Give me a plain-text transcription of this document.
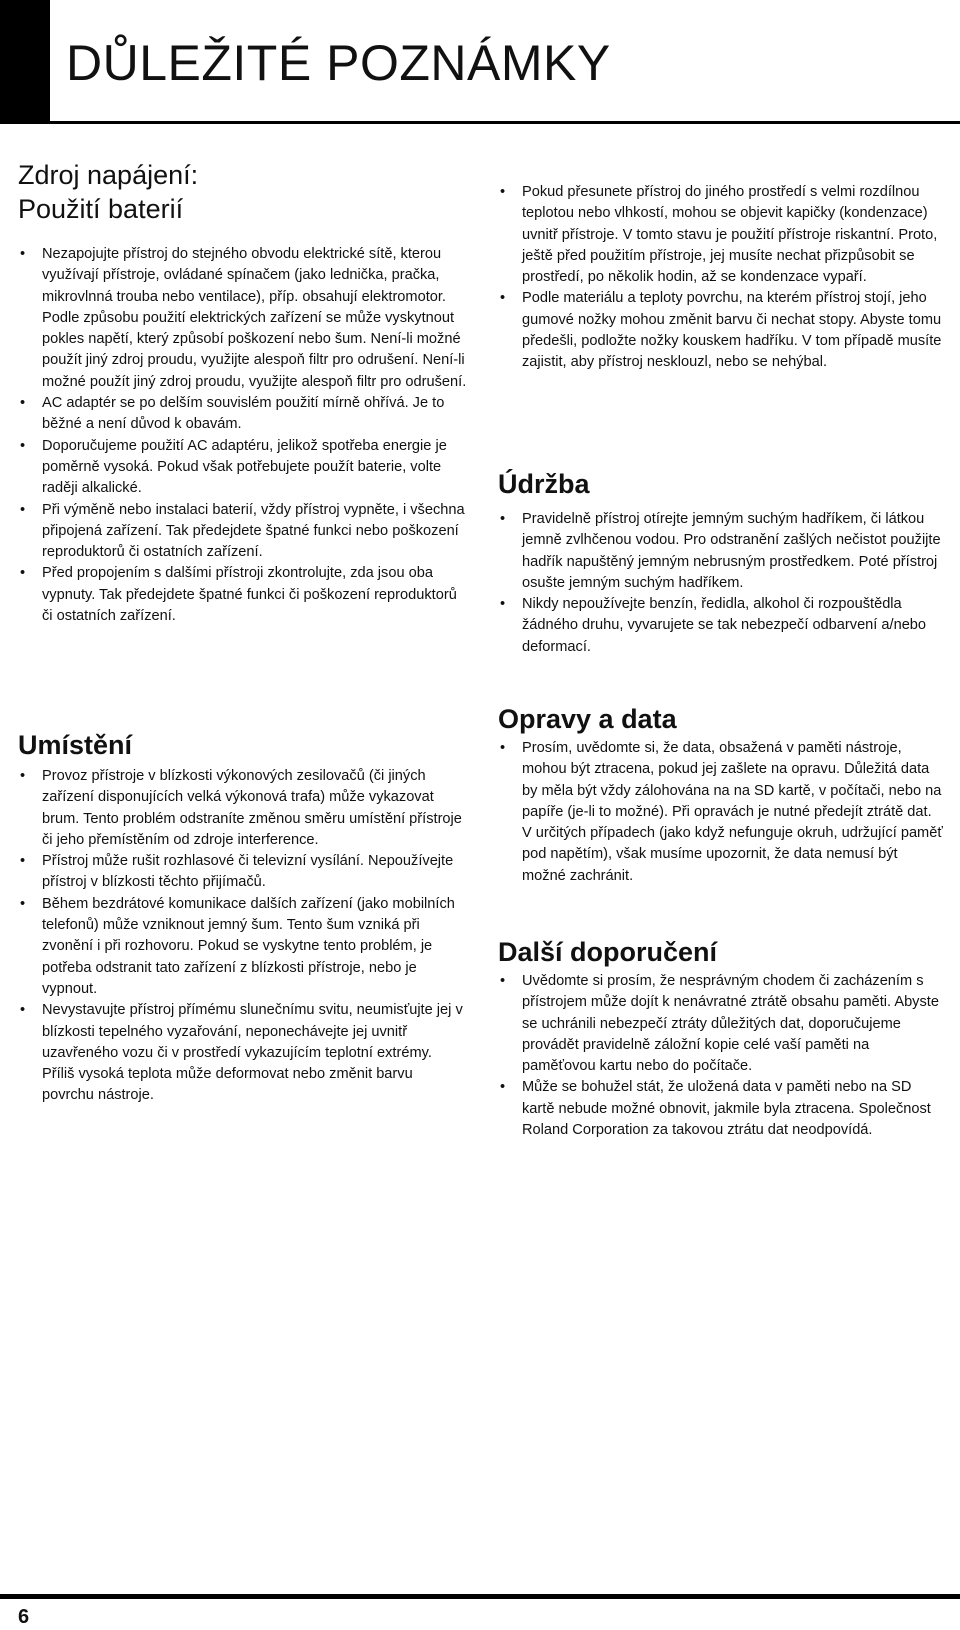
DŮLEŽITÉ POZNÁMKY
Zdroj napájení:
Použití baterií
• Nezapojujte přístroj do stejného obvodu elektrické sítě, kterou využívají přístroje, ovládané spínačem (jako lednička, pračka, mikrovlnná trouba nebo ventilace), příp. obsahují elektromotor. Podle způsobu použití elektrických zařízení se může vyskytnout pokles napětí, který způsobí poškození nebo šum. Není-li možné použít jiný zdroj proudu, využijte alespoň filtr pro odrušení. Není-li možné použít jiný zdroj proudu, využijte alespoň filtr pro odrušení.
• AC adaptér se po delším souvislém použití mírně ohřívá. Je to běžné a není důvod k obavám.
• Doporučujeme použití AC adaptéru, jelikož spotřeba energie je poměrně vysoká. Pokud však potřebujete použít baterie, volte raději alkalické.
• Při výměně nebo instalaci baterií, vždy přístroj vypněte, i všechna připojená zařízení. Tak předejdete špatné funkci nebo poškození reproduktorů či ostatních zařízení.
• Před propojením s dalšími přístroji zkontrolujte, zda jsou oba vypnuty. Tak předejdete špatné funkci či poškození reproduktorů či ostatních zařízení.
Umístění
• Provoz přístroje v blízkosti výkonových zesilovačů (či jiných zařízení disponujících velká výkonová trafa) může vykazovat brum. Tento problém odstraníte změnou směru umístění přístroje či jeho přemístěním od zdroje interference.
• Přístroj může rušit rozhlasové či televizní vysílání. Nepoužívejte přístroj v blízkosti těchto přijímačů.
• Během bezdrátové komunikace dalších zařízení (jako mobilních telefonů) může vzniknout jemný šum. Tento šum vzniká při zvonění i při rozhovoru. Pokud se vyskytne tento problém, je potřeba odstranit tato zařízení z blízkosti přístroje, nebo je vypnout.
• Nevystavujte přístroj přímému slunečnímu svitu, neumisťujte jej v blízkosti tepelného vyzařování, neponechávejte jej uvnitř uzavřeného vozu či v prostředí vykazujícím teplotní extrémy. Příliš vysoká teplota může deformovat nebo změnit barvu povrchu nástroje.
• Pokud přesunete přístroj do jiného prostředí s velmi rozdílnou teplotou nebo vlhkostí, mohou se objevit kapičky (kondenzace) uvnitř přístroje. V tomto stavu je použití přístroje riskantní. Proto, ještě před použitím přístroje, jej musíte nechat přizpůsobit se prostředí, po několik hodin, až se kondenzace vypaří.
• Podle materiálu a teploty povrchu, na kterém přístroj stojí, jeho gumové nožky mohou změnit barvu či nechat stopy. Abyste tomu předešli, podložte nožky kouskem hadříku. V tom případě musíte zajistit, aby přístroj nesklouzl, nebo se nehýbal.
Údržba
• Pravidelně přístroj otírejte jemným suchým hadříkem, či látkou jemně zvlhčenou vodou. Pro odstranění zašlých nečistot použijte hadřík napuštěný jemným nebrusným prostředkem. Poté přístroj osušte jemným suchým hadříkem.
• Nikdy nepoužívejte benzín, ředidla, alkohol či rozpouštědla žádného druhu, vyvarujete se tak nebezpečí odbarvení a/nebo deformací.
Opravy a data
• Prosím, uvědomte si, že data, obsažená v paměti nástroje, mohou být ztracena, pokud jej zašlete na opravu. Důležitá data by měla být vždy zálohována na na SD kartě, v počítači, nebo na papíře (je-li to možné). Při opravách je nutné předejít ztrátě dat. V určitých případech (jako když nefunguje okruh, udržující paměť pod napětím), však musíme upozornit, že data nemusí být možné zachránit.
Další doporučení
• Uvědomte si prosím, že nesprávným chodem či zacházením s přístrojem může dojít k nenávratné ztrátě obsahu paměti. Abyste se uchránili nebezpečí ztráty důležitých dat, doporučujeme provádět pravidelně záložní kopie celé vaší paměti na paměťovou kartu nebo do počítače.
• Může se bohužel stát, že uložená data v paměti nebo na SD kartě nebude možné obnovit, jakmile byla ztracena. Společnost Roland Corporation za takovou ztrátu dat neodpovídá.
6
